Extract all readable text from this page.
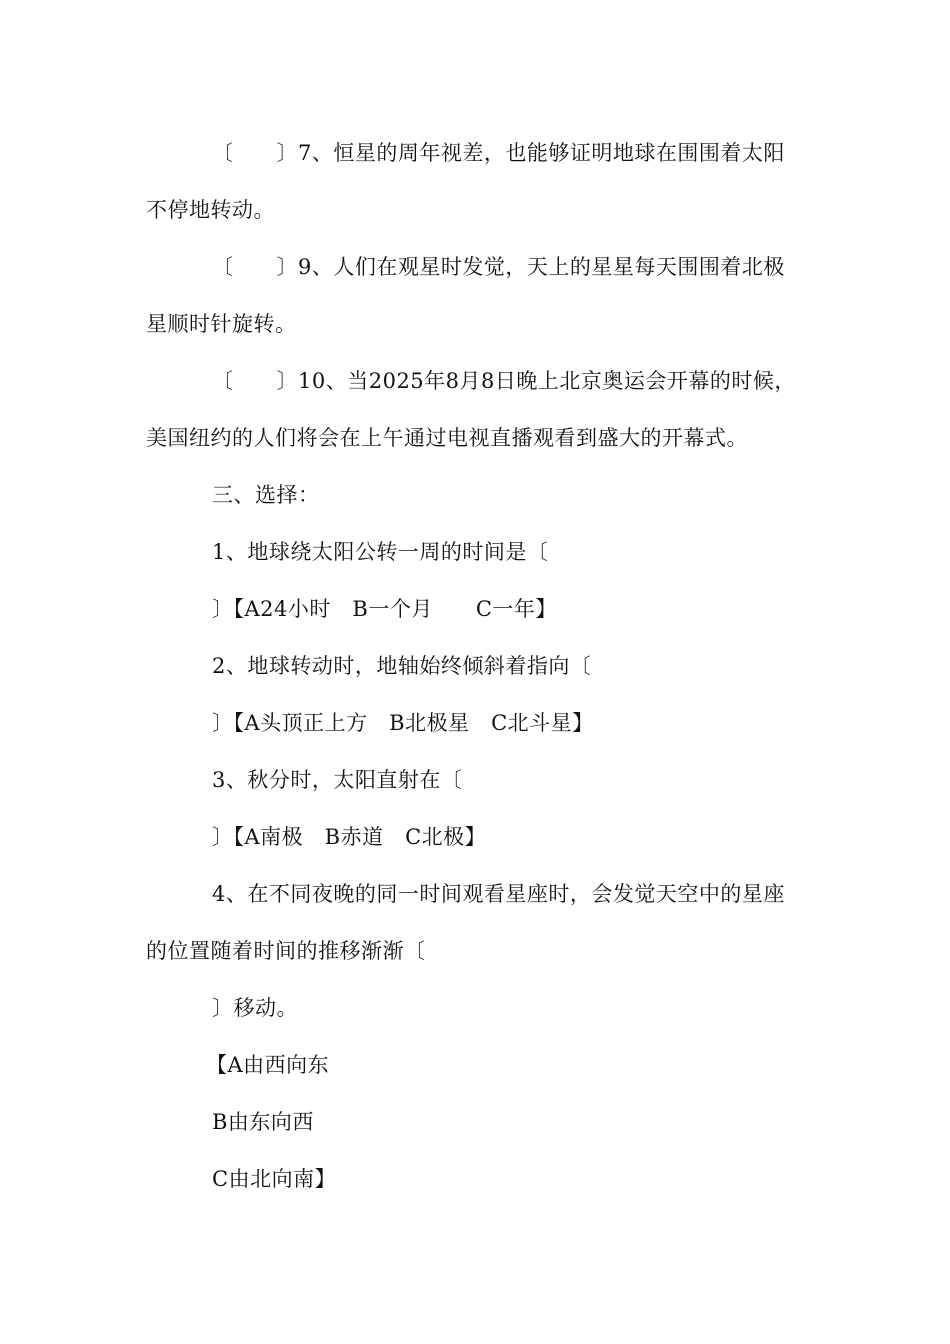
〔　　〕7、恒星的周年视差，也能够证明地球在围围着太阳
不停地转动。
〔　　〕9、人们在观星时发觉，天上的星星每天围围着北极
星顺时针旋转。
〔　　〕10、当2025年8月8日晚上北京奥运会开幕的时候，
美国纽约的人们将会在上午通过电视直播观看到盛大的开幕式。
三、选择：
1、地球绕太阳公转一周的时间是〔
〕【A24小时　B一个月　　C一年】
2、地球转动时，地轴始终倾斜着指向〔
〕【A头顶正上方　B北极星　C北斗星】
3、秋分时，太阳直射在〔
〕【A南极　B赤道　C北极】
4、在不同夜晚的同一时间观看星座时，会发觉天空中的星座
的位置随着时间的推移渐渐〔
〕移动。
【A由西向东
B由东向西
C由北向南】
